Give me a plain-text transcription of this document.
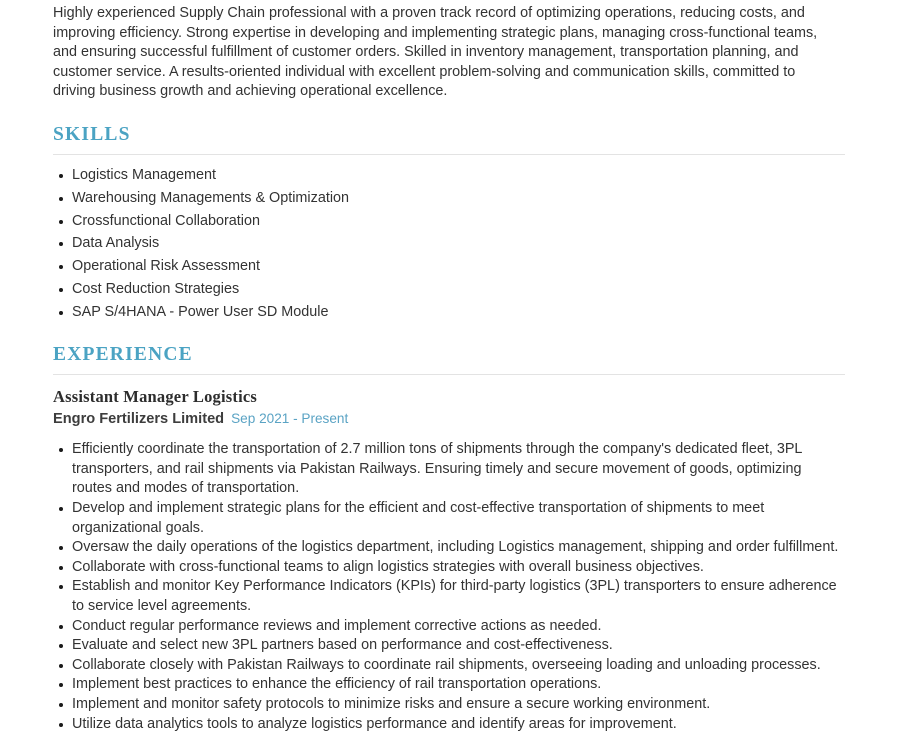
Highly experienced Supply Chain professional with a proven track record of optimizing operations, reducing costs, and improving efficiency. Strong expertise in developing and implementing strategic plans, managing cross-functional teams, and ensuring successful fulfillment of customer orders. Skilled in inventory management, transportation planning, and customer service. A results-oriented individual with excellent problem-solving and communication skills, committed to driving business growth and achieving operational excellence.

SKILLS
Logistics Management
Warehousing Managements & Optimization
Crossfunctional Collaboration
Data Analysis
Operational Risk Assessment
Cost Reduction Strategies
SAP S/4HANA - Power User SD Module
EXPERIENCE
Assistant Manager Logistics
Engro Fertilizers Limited Sep 2021 - Present
Efficiently coordinate the transportation of 2.7 million tons of shipments through the company's dedicated fleet, 3PL transporters, and rail shipments via Pakistan Railways. Ensuring timely and secure movement of goods, optimizing routes and modes of transportation.
Develop and implement strategic plans for the efficient and cost-effective transportation of shipments to meet organizational goals.
Oversaw the daily operations of the logistics department, including Logistics management, shipping and order fulfillment.
Collaborate with cross-functional teams to align logistics strategies with overall business objectives.
Establish and monitor Key Performance Indicators (KPIs) for third-party logistics (3PL) transporters to ensure adherence to service level agreements.
Conduct regular performance reviews and implement corrective actions as needed.
Evaluate and select new 3PL partners based on performance and cost-effectiveness.
Collaborate closely with Pakistan Railways to coordinate rail shipments, overseeing loading and unloading processes.
Implement best practices to enhance the efficiency of rail transportation operations.
Implement and monitor safety protocols to minimize risks and ensure a secure working environment.
Utilize data analytics tools to analyze logistics performance and identify areas for improvement.
